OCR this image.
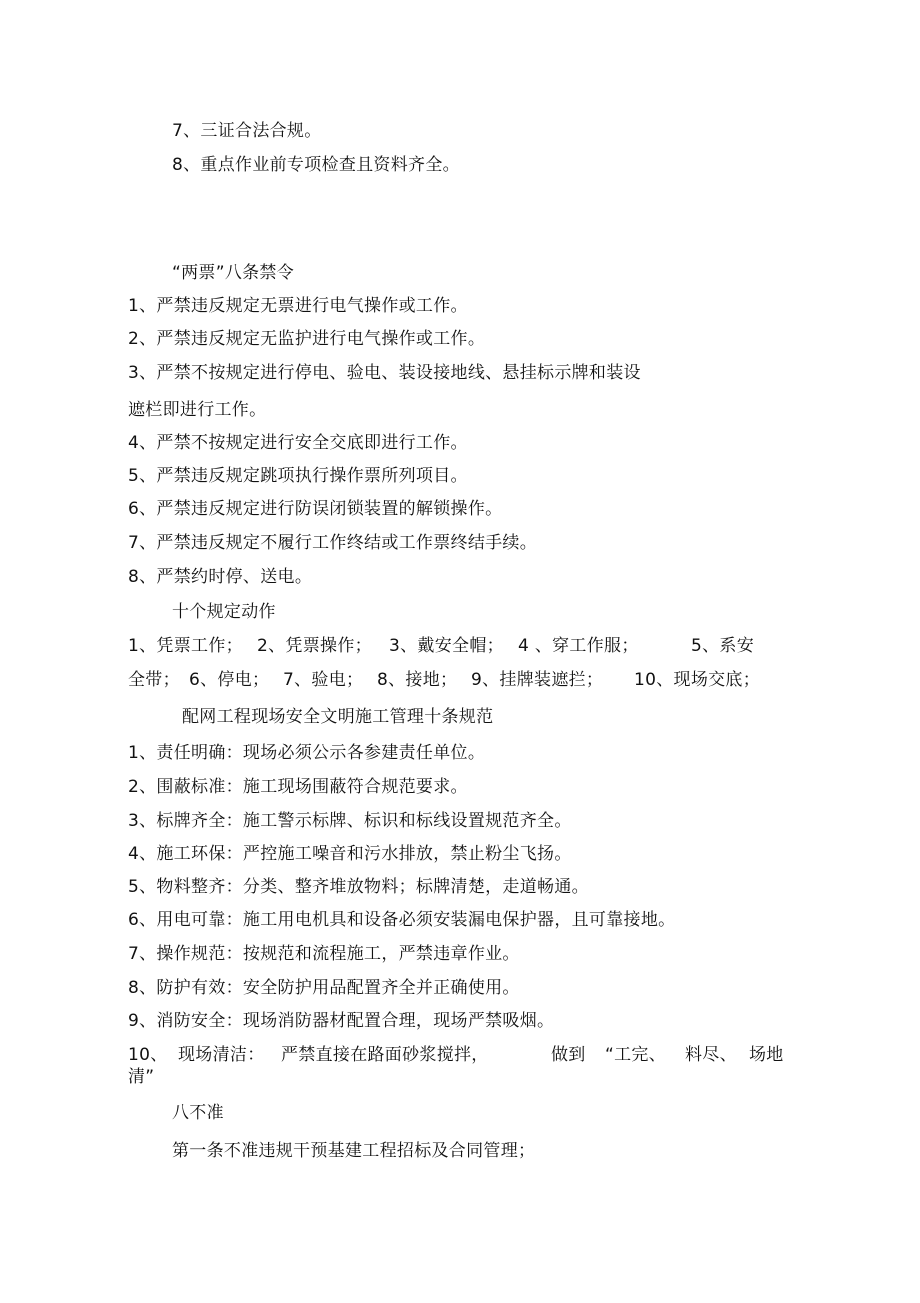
7、三证合法合规。

8、重点作业前专项检查且资料齐全。

“两票”八条禁令

1、严禁违反规定无票进行电气操作或工作。

2、严禁违反规定无监护进行电气操作或工作。

3、严禁不按规定进行停电、验电、装设接地线、悬挂标示牌和装设

遮栏即进行工作。

4、严禁不按规定进行安全交底即进行工作。

5、严禁违反规定跳项执行操作票所列项目。

6、严禁违反规定进行防误闭锁装置的解锁操作。

7、严禁违反规定不履行工作终结或工作票终结手续。

8、严禁约时停、送电。

十个规定动作

1、凭票工作； 2、凭票操作；	3、戴安全帽； 4 、穿工作服；	5、系安
全带； 6、停电； 7、验电； 8、接地； 9、挂牌装遮拦；	10、现场交底；

配网工程现场安全文明施工管理十条规范

1、责任明确：现场必须公示各参建责任单位。

2、围蔽标准：施工现场围蔽符合规范要求。

3、标牌齐全：施工警示标牌、标识和标线设置规范齐全。

4、施工环保：严控施工噪音和污水排放，禁止粉尘飞扬。

5、物料整齐：分类、整齐堆放物料；标牌清楚，走道畅通。

6、用电可靠：施工用电机具和设备必须安装漏电保护器，且可靠接地。

7、操作规范：按规范和流程施工，严禁违章作业。

8、防护有效：安全防护用品配置齐全并正确使用。

9、消防安全：现场消防器材配置合理，现场严禁吸烟。

10、 现场清洁： 严禁直接在路面砂浆搅拌，	做到	“工完、	料尽、 场地

清”

八不准

第一条不准违规干预基建工程招标及合同管理；
